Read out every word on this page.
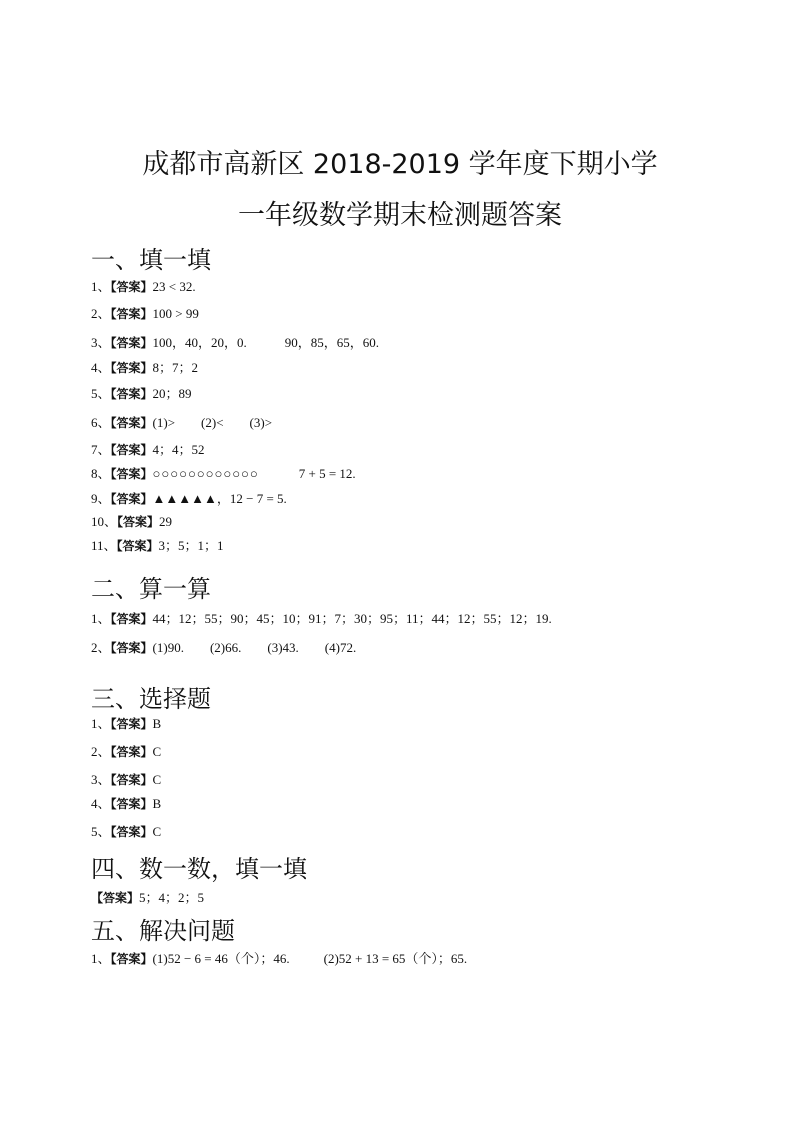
成都市高新区 2018-2019 学年度下期小学
一年级数学期末检测题答案
一、填一填
1、【答案】23 < 32.
2、【答案】100 > 99
3、【答案】100，40，20，0.	90，85，65，60.
4、【答案】8；7；2
5、【答案】20；89
6、【答案】(1)> (2)< (3)>
7、【答案】4；4；52
8、【答案】○○○○○○○○○○○○	7 + 5 = 12.
9、【答案】▲▲▲▲▲，12 − 7 = 5.
10、【答案】29
11、【答案】3；5；1；1
二、算一算
1、【答案】44；12；55；90；45；10；91；7；30；95；11；44；12；55；12；19.
2、【答案】(1)90. (2)66. (3)43. (4)72.
三、选择题
1、【答案】B
2、【答案】C
3、【答案】C
4、【答案】B
5、【答案】C
四、数一数，填一填
【答案】5；4；2；5
五、解决问题
1、【答案】(1)52 − 6 = 46（个）；46.	(2)52 + 13 = 65（个）；65.
